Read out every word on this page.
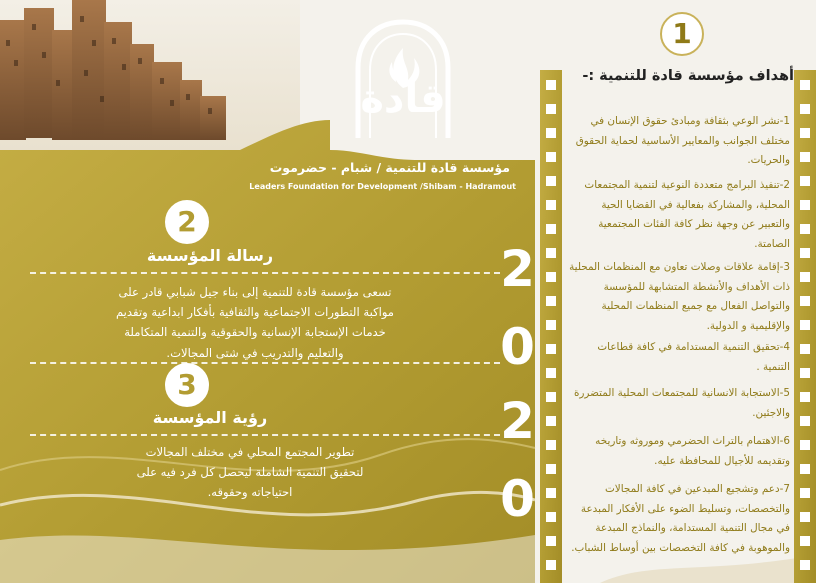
قادة
مؤسسة قادة للتنمية / شبام - حضرموت
Leaders Foundation for Development /Shibam - Hadramout
2
رسالة المؤسسة
تسعى مؤسسة قادة للتنمية إلى بناء جيل شبابي قادر على
مواكبة التطورات الاجتماعية والثقافية بأفكار ابداعية وتقديم
خدمات الإستجابة الإنسانية والحقوقية والتنمية المتكاملة
والتعليم والتدريب في شتى المجالات.
3
رؤية المؤسسة
تطوير المجتمع المحلي في مختلف المجالات
لتحقيق التنمية الشاملة ليحصل كل فرد فيه على
احتياجاته وحقوقه.
2
0
2
0
1
أهداف مؤسسة قادة للتنمية :-
1-نشر الوعي بثقافة ومبادئ حقوق الإنسان في مختلف الجوانب والمعايير الأساسية لحماية الحقوق والحريات.
2-تنفيذ البرامج متعددة النوعية لتنمية المجتمعات المحلية، والمشاركة بفعالية في القضايا الحية والتعبير عن وجهة نظر كافة الفئات المجتمعية الصامتة.
3-إقامة علاقات وصلات تعاون مع المنظمات المحلية ذات الأهداف والأنشطة المتشابهة للمؤسسة والتواصل الفعال مع جميع المنظمات المحلية والإقليمية و الدولية.
4-تحقيق التنمية المستدامة في كافة قطاعات التنمية .
5-الاستجابة الانسانية للمجتمعات المحلية المتضررة والاجئين.
6-الاهتمام بالتراث الحضرمي وموروثه وتاريخه وتقديمه للأجيال للمحافظة عليه.
7-دعم وتشجيع المبدعين في كافة المجالات والتخصصات، وتسليط الضوء على الأفكار المبدعة في مجال التنمية المستدامة، والنماذج المبدعة والموهوبة في كافة التخصصات بين أوساط الشباب.
